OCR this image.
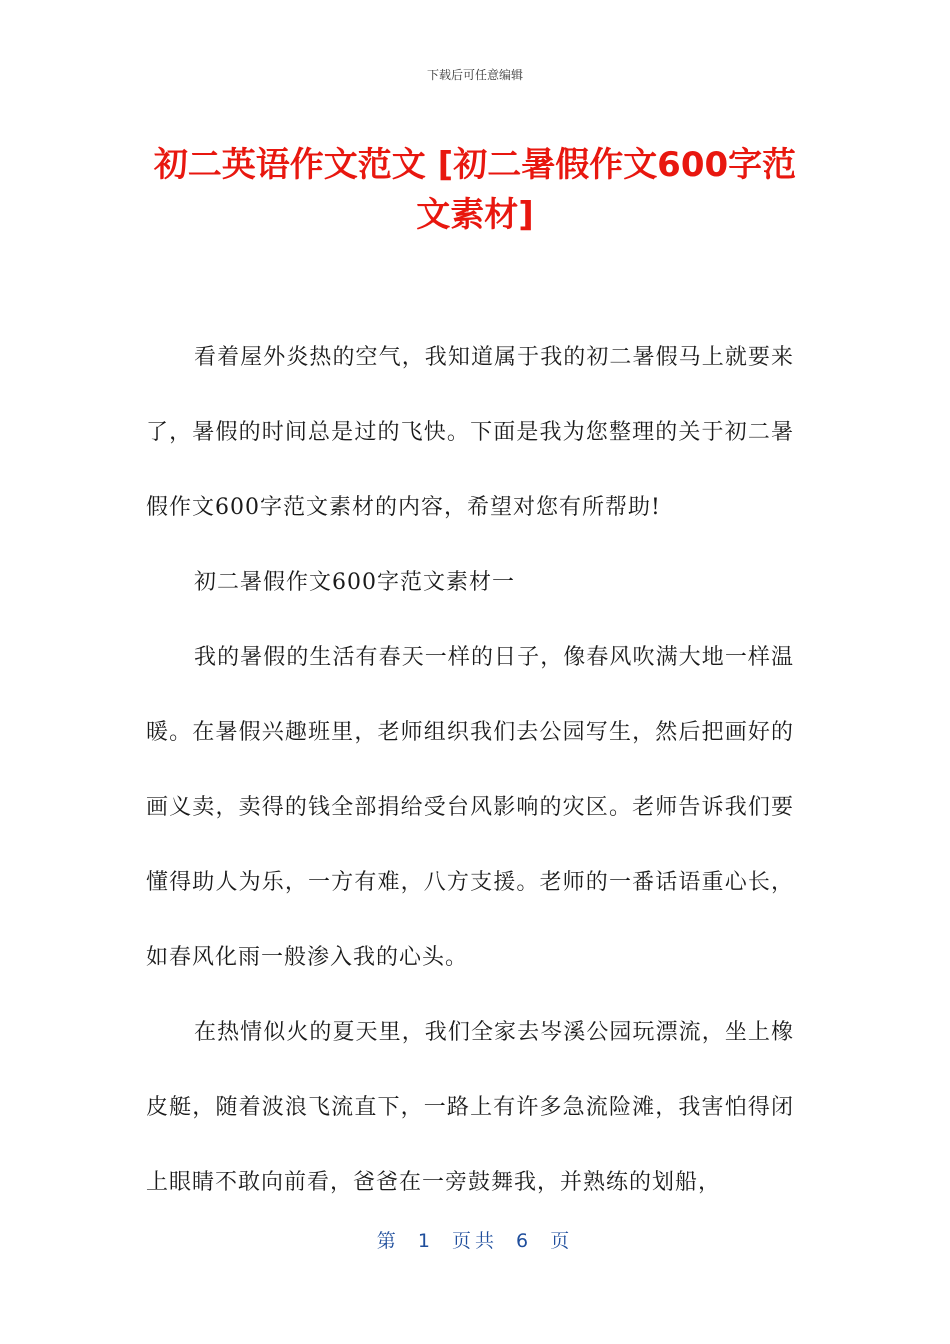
下载后可任意编辑
初二英语作文范文 [初二暑假作文600字范文素材]

看着屋外炎热的空气，我知道属于我的初二暑假马上就要来了，暑假的时间总是过的飞快。下面是我为您整理的关于初二暑假作文600字范文素材的内容，希望对您有所帮助!

初二暑假作文600字范文素材一

我的暑假的生活有春天一样的日子，像春风吹满大地一样温暖。在暑假兴趣班里，老师组织我们去公园写生，然后把画好的画义卖，卖得的钱全部捐给受台风影响的灾区。老师告诉我们要懂得助人为乐，一方有难，八方支援。老师的一番话语重心长，如春风化雨一般渗入我的心头。

在热情似火的夏天里，我们全家去岑溪公园玩漂流，坐上橡皮艇，随着波浪飞流直下，一路上有许多急流险滩，我害怕得闭上眼睛不敢向前看，爸爸在一旁鼓舞我，并熟练的划船，

第 1 页共 6 页
